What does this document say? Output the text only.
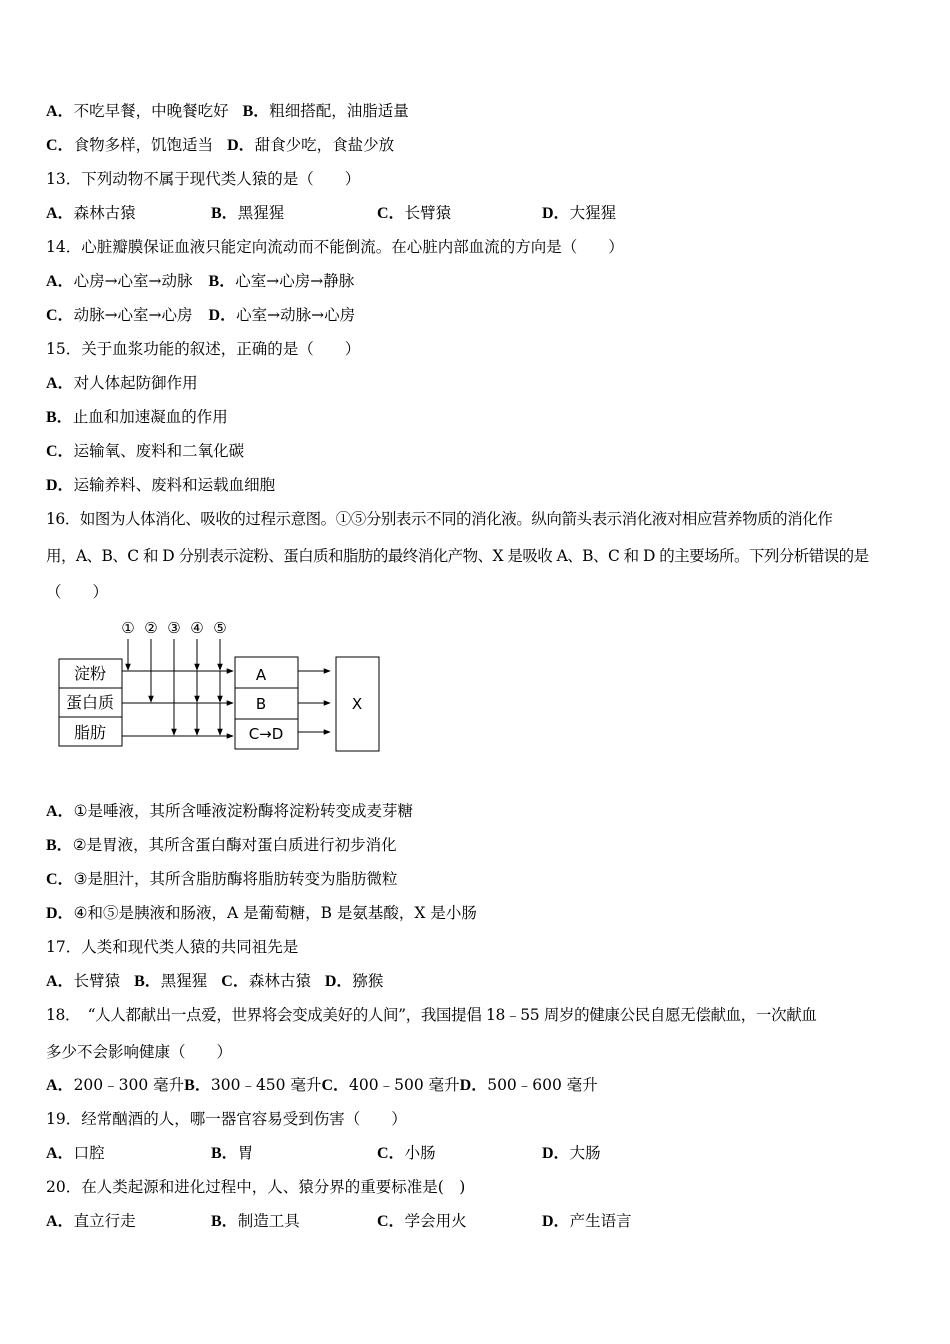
A．不吃早餐，中晚餐吃好 B．粗细搭配，油脂适量
C．食物多样，饥饱适当 D．甜食少吃，食盐少放
13．下列动物不属于现代类人猿的是（　　）
A．森林古猿	B．黑猩猩	C．长臂猿	D．大猩猩
14．心脏瓣膜保证血液只能定向流动而不能倒流。在心脏内部血流的方向是（　　）
A．心房→心室→动脉 B．心室→心房→静脉
C．动脉→心室→心房 D．心室→动脉→心房
15．关于血浆功能的叙述，正确的是（　　）
A．对人体起防御作用
B．止血和加速凝血的作用
C．运输氧、废料和二氧化碳
D．运输养料、废料和运载血细胞
16．如图为人体消化、吸收的过程示意图。①⑤分别表示不同的消化液。纵向箭头表示消化液对相应营养物质的消化作
用，A、B、C 和 D 分别表示淀粉、蛋白质和脂肪的最终消化产物、X 是吸收 A、B、C 和 D 的主要场所。下列分析错误的是
（　　）
① ② ③ ④ ⑤
淀粉
蛋白质
脂肪
A
B
C→D
X
A．①是唾液，其所含唾液淀粉酶将淀粉转变成麦芽糖
B．②是胃液，其所含蛋白酶对蛋白质进行初步消化
C．③是胆汁，其所含脂肪酶将脂肪转变为脂肪微粒
D．④和⑤是胰液和肠液，A 是葡萄糖，B 是氨基酸，X 是小肠
17．人类和现代类人猿的共同祖先是
A．长臂猿 B．黑猩猩 C．森林古猿 D．猕猴
18．　“人人都献出一点爱，世界将会变成美好的人间”，我国提倡 18﹣55 周岁的健康公民自愿无偿献血，一次献血
多少不会影响健康（　　）
A．200﹣300 毫升B．300﹣450 毫升C．400﹣500 毫升D．500﹣600 毫升
19．经常酗酒的人，哪一器官容易受到伤害（　　）
A．口腔	B．胃	C．小肠	D．大肠
20．在人类起源和进化过程中，人、猿分界的重要标准是(　)
A．直立行走	B．制造工具	C．学会用火	D．产生语言
